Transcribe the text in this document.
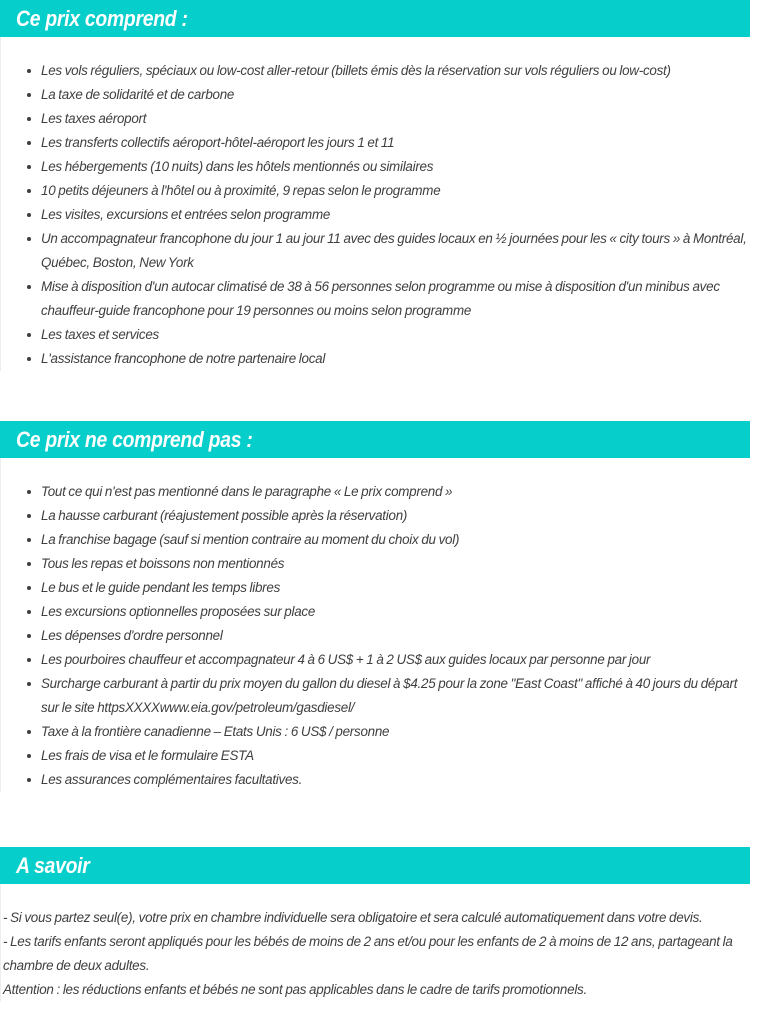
Ce prix comprend :
Les vols réguliers, spéciaux ou low-cost aller-retour (billets émis dès la réservation sur vols réguliers ou low-cost)
La taxe de solidarité et de carbone
Les taxes aéroport
Les transferts collectifs aéroport-hôtel-aéroport les jours 1 et 11
Les hébergements (10 nuits) dans les hôtels mentionnés ou similaires
10 petits déjeuners à l'hôtel ou à proximité, 9 repas selon le programme
Les visites, excursions et entrées selon programme
Un accompagnateur francophone du jour 1 au jour 11 avec des guides locaux en ½ journées pour les « city tours » à Montréal, Québec, Boston, New York
Mise à disposition d'un autocar climatisé de 38 à 56 personnes selon programme ou mise à disposition d'un minibus avec chauffeur-guide francophone pour 19 personnes ou moins selon programme
Les taxes et services
L'assistance francophone de notre partenaire local
Ce prix ne comprend pas :
Tout ce qui n'est pas mentionné dans le paragraphe « Le prix comprend »
La hausse carburant (réajustement possible après la réservation)
La franchise bagage (sauf si mention contraire au moment du choix du vol)
Tous les repas et boissons non mentionnés
Le bus et le guide pendant les temps libres
Les excursions optionnelles proposées sur place
Les dépenses d'ordre personnel
Les pourboires chauffeur et accompagnateur 4 à 6 US$ + 1 à 2 US$ aux guides locaux par personne par jour
Surcharge carburant à partir du prix moyen du gallon du diesel à $4.25 pour la zone "East Coast" affiché à 40 jours du départ sur le site httpsXXXXwww.eia.gov/petroleum/gasdiesel/
Taxe à la frontière canadienne – Etats Unis : 6 US$ / personne
Les frais de visa et le formulaire ESTA
Les assurances complémentaires facultatives.
A savoir

- Si vous partez seul(e), votre prix en chambre individuelle sera obligatoire et sera calculé automatiquement dans votre devis.

- Les tarifs enfants seront appliqués pour les bébés de moins de 2 ans et/ou pour les enfants de 2 à moins de 12 ans, partageant la chambre de deux adultes.

Attention : les réductions enfants et bébés ne sont pas applicables dans le cadre de tarifs promotionnels.
